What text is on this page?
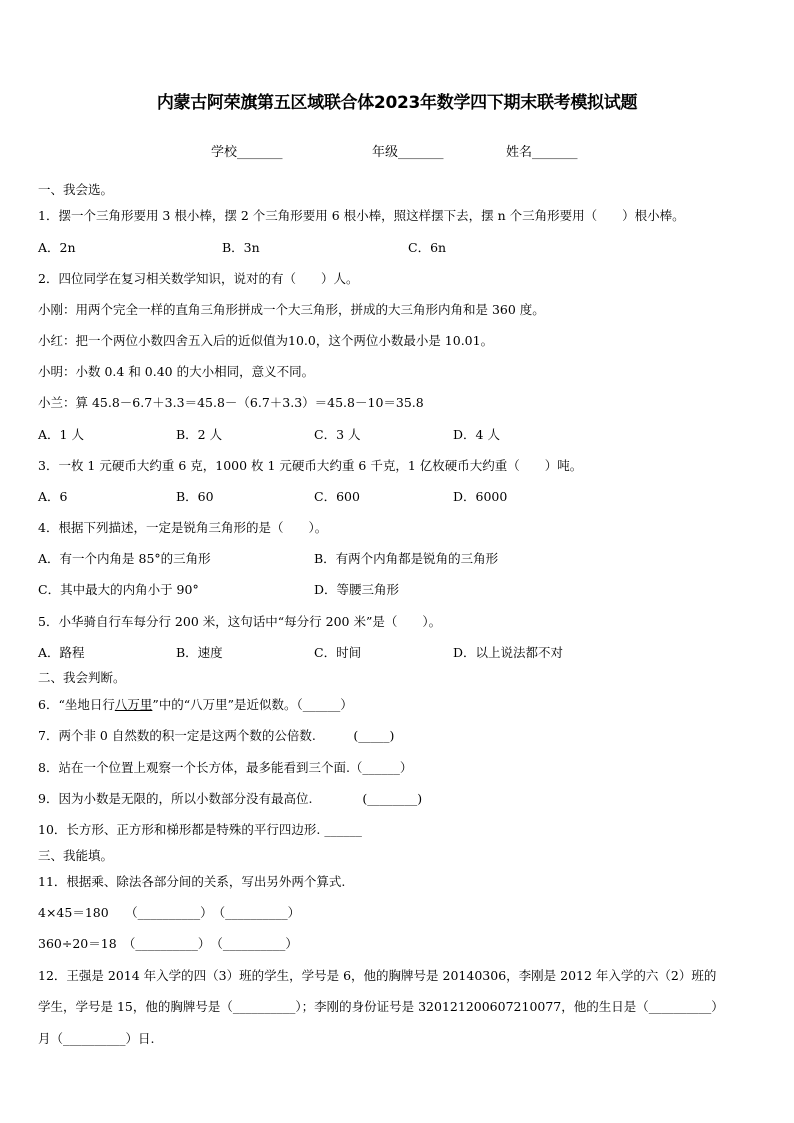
内蒙古阿荣旗第五区域联合体2023年数学四下期末联考模拟试题
学校_______	年级_______	姓名_______
一、我会选。
1．摆一个三角形要用 3 根小棒，摆 2 个三角形要用 6 根小棒，照这样摆下去，摆 n 个三角形要用（　　）根小棒。
A．2n	B．3n	C．6n
2．四位同学在复习相关数学知识，说对的有（　　）人。
小刚：用两个完全一样的直角三角形拼成一个大三角形，拼成的大三角形内角和是 360 度。
小红：把一个两位小数四舍五入后的近似值为10.0，这个两位小数最小是 10.01。
小明：小数 0.4 和 0.40 的大小相同，意义不同。
小兰：算 45.8－6.7＋3.3＝45.8－（6.7＋3.3）＝45.8－10＝35.8
A．1 人	B．2 人	C．3 人	D．4 人
3．一枚 1 元硬币大约重 6 克，1000 枚 1 元硬币大约重 6 千克，1 亿枚硬币大约重（　　）吨。
A．6	B．60	C．600	D．6000
4．根据下列描述，一定是锐角三角形的是（　　）。
A．有一个内角是 85°的三角形	B．有两个内角都是锐角的三角形
C．其中最大的内角小于 90°	D．等腰三角形
5．小华骑自行车每分行 200 米，这句话中“每分行 200 米”是（　　）。
A．路程	B．速度	C．时间	D．以上说法都不对
二、我会判断。
6．“坐地日行八万里”中的“八万里”是近似数。（______）
7．两个非 0 自然数的积一定是这两个数的公倍数.　　　(_____)
8．站在一个位置上观察一个长方体，最多能看到三个面.（______）
9．因为小数是无限的，所以小数部分没有最高位.　　　　(________)
10．长方形、正方形和梯形都是特殊的平行四边形. ______
三、我能填。
11．根据乘、除法各部分间的关系，写出另外两个算式.
4×45＝180　 （__________）　（__________）
360÷20＝18　（__________）　（__________）
12．王强是 2014 年入学的四（3）班的学生，学号是 6，他的胸牌号是 20140306，李刚是 2012 年入学的六（2）班的
学生，学号是 15，他的胸牌号是（__________）；李刚的身份证号是 320121200607210077，他的生日是（__________）
月（__________）日.
